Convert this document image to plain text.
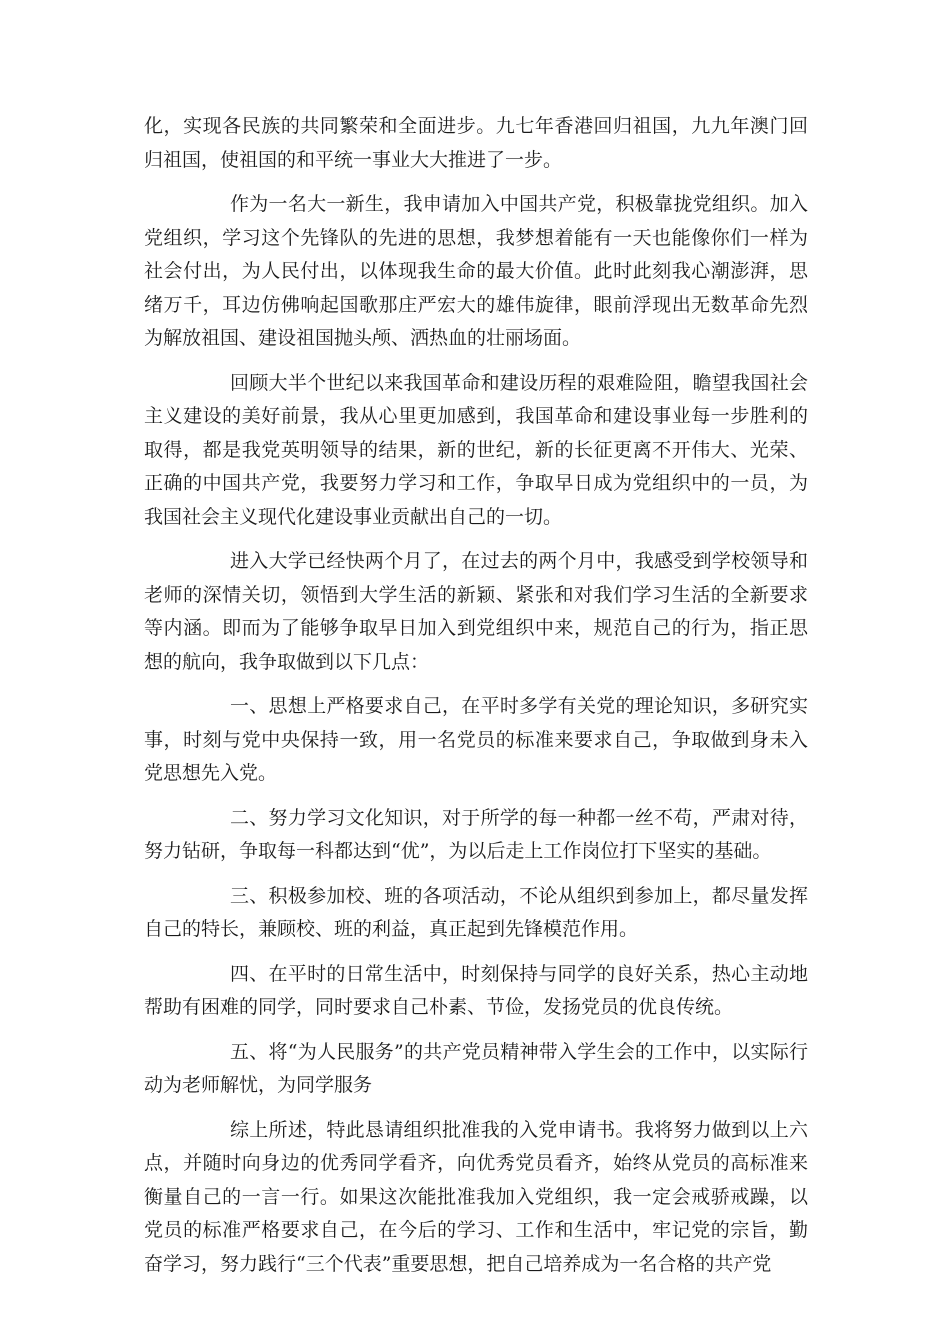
化，实现各民族的共同繁荣和全面进步。九七年香港回归祖国，九九年澳门回归祖国，使祖国的和平统一事业大大推进了一步。

作为一名大一新生，我申请加入中国共产党，积极靠拢党组织。加入党组织，学习这个先锋队的先进的思想，我梦想着能有一天也能像你们一样为社会付出，为人民付出，以体现我生命的最大价值。此时此刻我心潮澎湃，思绪万千，耳边仿佛响起国歌那庄严宏大的雄伟旋律，眼前浮现出无数革命先烈为解放祖国、建设祖国抛头颅、洒热血的壮丽场面。

回顾大半个世纪以来我国革命和建设历程的艰难险阻，瞻望我国社会主义建设的美好前景，我从心里更加感到，我国革命和建设事业每一步胜利的取得，都是我党英明领导的结果，新的世纪，新的长征更离不开伟大、光荣、正确的中国共产党，我要努力学习和工作，争取早日成为党组织中的一员，为我国社会主义现代化建设事业贡献出自己的一切。

进入大学已经快两个月了，在过去的两个月中，我感受到学校领导和老师的深情关切，领悟到大学生活的新颖、紧张和对我们学习生活的全新要求等内涵。即而为了能够争取早日加入到党组织中来，规范自己的行为，指正思想的航向，我争取做到以下几点：

一、思想上严格要求自己，在平时多学有关党的理论知识，多研究实事，时刻与党中央保持一致，用一名党员的标准来要求自己，争取做到身未入党思想先入党。

二、努力学习文化知识，对于所学的每一种都一丝不苟，严肃对待，努力钻研，争取每一科都达到“优”，为以后走上工作岗位打下坚实的基础。

三、积极参加校、班的各项活动，不论从组织到参加上，都尽量发挥自己的特长，兼顾校、班的利益，真正起到先锋模范作用。

四、在平时的日常生活中，时刻保持与同学的良好关系，热心主动地帮助有困难的同学，同时要求自己朴素、节俭，发扬党员的优良传统。

五、将“为人民服务”的共产党员精神带入学生会的工作中，以实际行动为老师解忧，为同学服务

综上所述，特此恳请组织批准我的入党申请书。我将努力做到以上六点，并随时向身边的优秀同学看齐，向优秀党员看齐，始终从党员的高标准来衡量自己的一言一行。如果这次能批准我加入党组织，我一定会戒骄戒躁，以党员的标准严格要求自己，在今后的学习、工作和生活中，牢记党的宗旨，勤奋学习，努力践行“三个代表”重要思想，把自己培养成为一名合格的共产党
